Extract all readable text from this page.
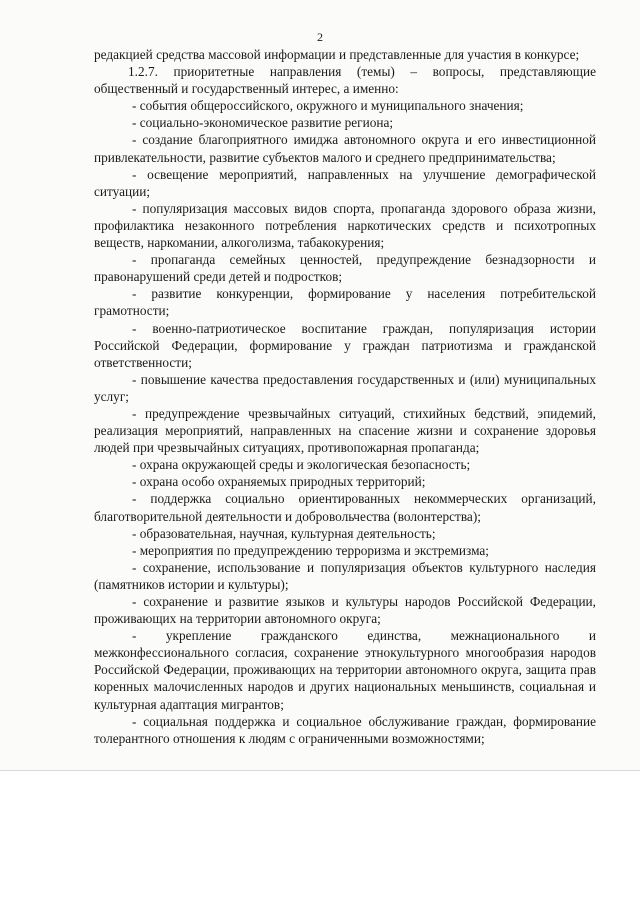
2

редакцией средства массовой информации и представленные для участия в конкурсе;

1.2.7. приоритетные направления (темы) – вопросы, представляющие общественный и государственный интерес, а именно:

- события общероссийского, окружного и муниципального значения;

- социально-экономическое развитие региона;

- создание благоприятного имиджа автономного округа и его инвестиционной привлекательности, развитие субъектов малого и среднего предпринимательства;

- освещение мероприятий, направленных на улучшение демографической ситуации;

- популяризация массовых видов спорта, пропаганда здорового образа жизни, профилактика незаконного потребления наркотических средств и психотропных веществ, наркомании, алкоголизма, табакокурения;

- пропаганда семейных ценностей, предупреждение безнадзорности и правонарушений среди детей и подростков;

- развитие конкуренции, формирование у населения потребительской грамотности;

- военно-патриотическое воспитание граждан, популяризация истории Российской Федерации, формирование у граждан патриотизма и гражданской ответственности;

- повышение качества предоставления государственных и (или) муниципальных услуг;

- предупреждение чрезвычайных ситуаций, стихийных бедствий, эпидемий, реализация мероприятий, направленных на спасение жизни и сохранение здоровья людей при чрезвычайных ситуациях, противопожарная пропаганда;

- охрана окружающей среды и экологическая безопасность;

- охрана особо охраняемых природных территорий;

- поддержка социально ориентированных некоммерческих организаций, благотворительной деятельности и добровольчества (волонтерства);

- образовательная, научная, культурная деятельность;

- мероприятия по предупреждению терроризма и экстремизма;

- сохранение, использование и популяризация объектов культурного наследия (памятников истории и культуры);

- сохранение и развитие языков и культуры народов Российской Федерации, проживающих на территории автономного округа;

- укрепление гражданского единства, межнационального и межконфессионального согласия, сохранение этнокультурного многообразия народов Российской Федерации, проживающих на территории автономного округа, защита прав коренных малочисленных народов и других национальных меньшинств, социальная и культурная адаптация мигрантов;

- социальная поддержка и социальное обслуживание граждан, формирование толерантного отношения к людям с ограниченными возможностями;
